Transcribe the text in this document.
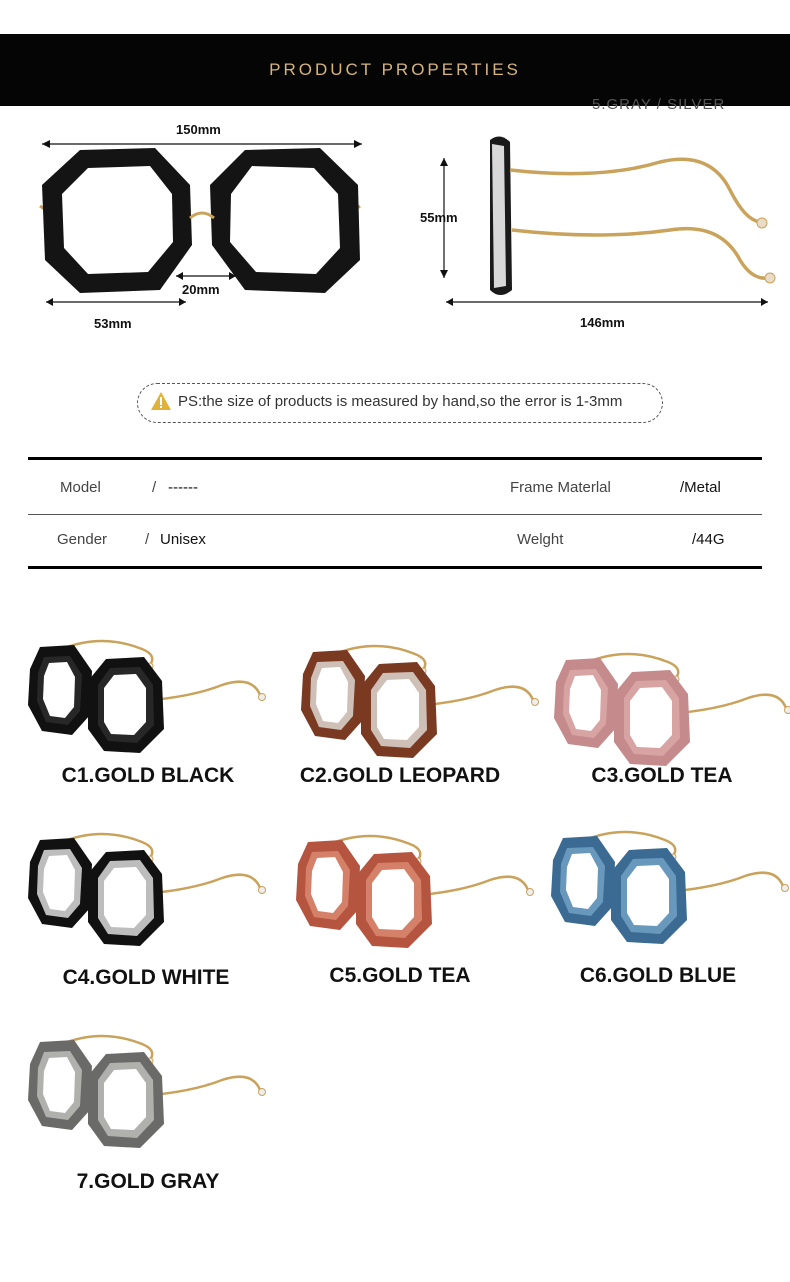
PRODUCT PROPERTIES
5.GRAY / SILVER
150mm
20mm
53mm
55mm
146mm
PS:the size of products is measured by hand,so the error is 1-3mm
Model	/ ------	Frame Materlal	/Metal
Gender	/ Unisex	Welght	/44G
C1.GOLD BLACK	C2.GOLD LEOPARD	C3.GOLD TEA
C4.GOLD WHITE	C5.GOLD TEA	C6.GOLD BLUE
7.GOLD GRAY
